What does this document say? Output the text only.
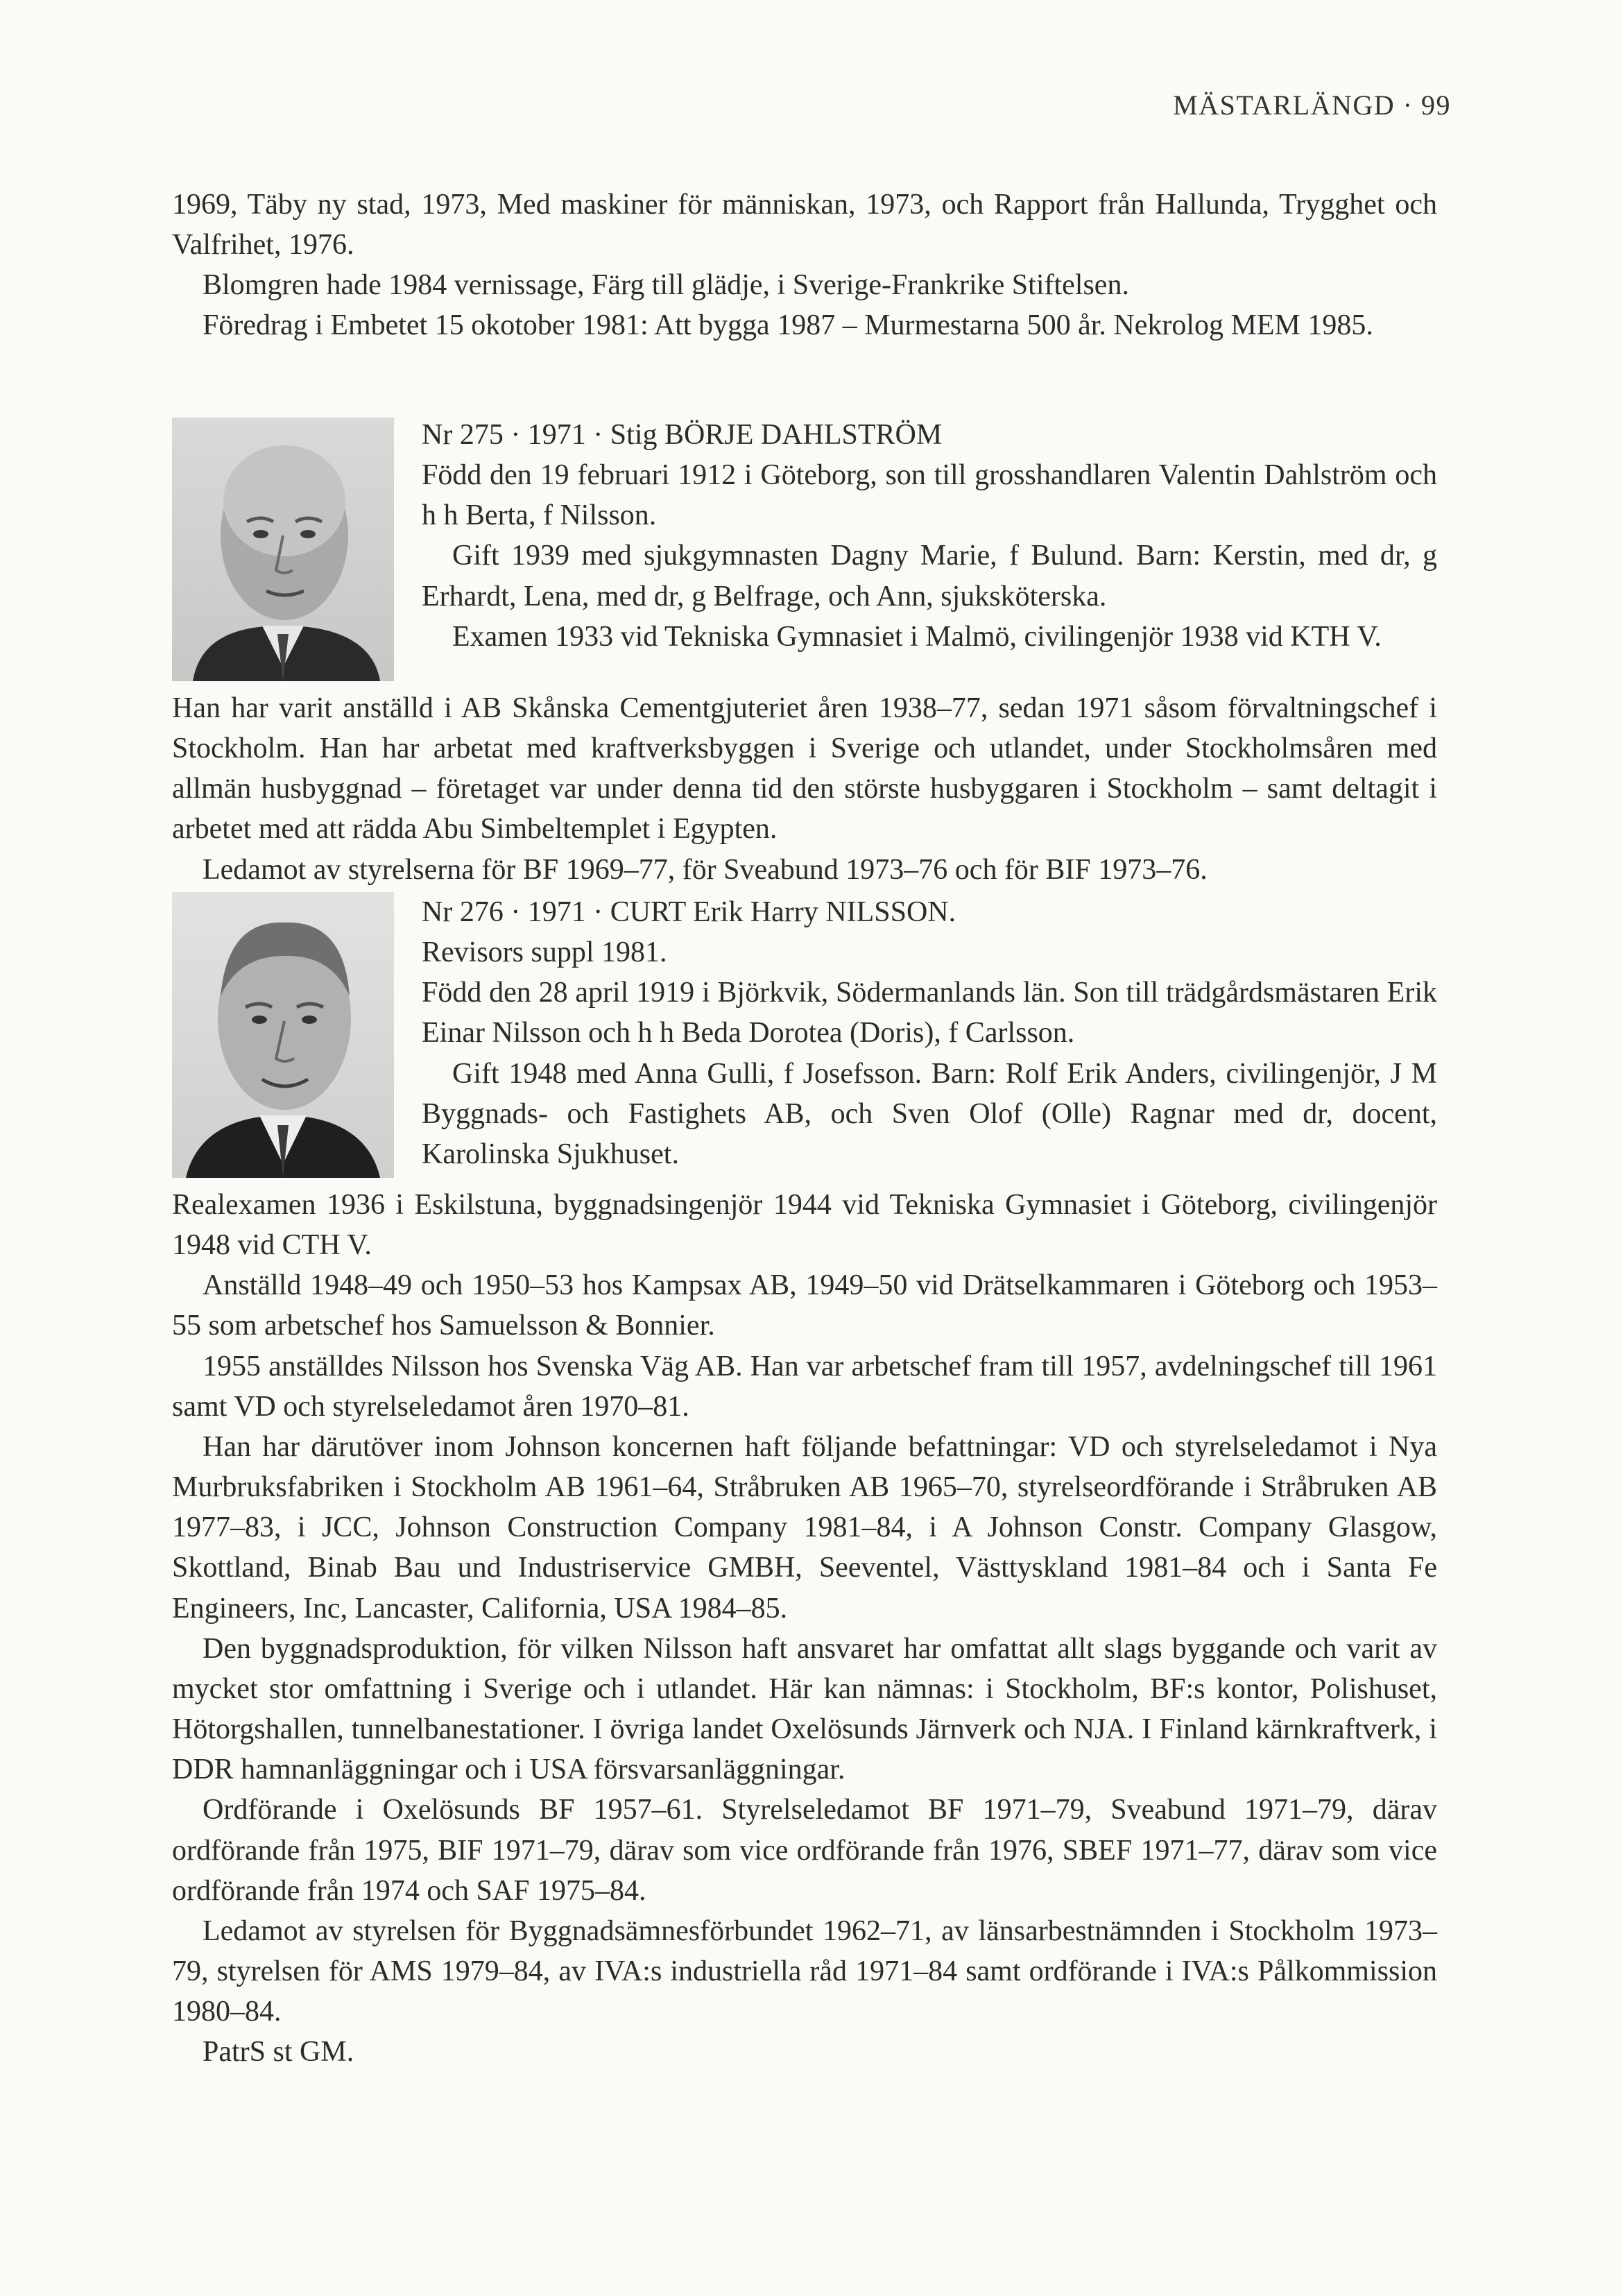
MÄSTARLÄNGD · 99

1969, Täby ny stad, 1973, Med maskiner för människan, 1973, och Rapport från Hallunda, Trygghet och Valfrihet, 1976.

Blomgren hade 1984 vernissage, Färg till glädje, i Sverige-Frankrike Stiftelsen.

Föredrag i Embetet 15 okotober 1981: Att bygga 1987 – Murmestarna 500 år. Nekrolog MEM 1985.

Nr 275 · 1971 · Stig BÖRJE DAHLSTRÖM

Född den 19 februari 1912 i Göteborg, son till grosshandlaren Valentin Dahlström och h h Berta, f Nilsson.

Gift 1939 med sjukgymnasten Dagny Marie, f Bulund. Barn: Kerstin, med dr, g Erhardt, Lena, med dr, g Belfrage, och Ann, sjuksköterska.

Examen 1933 vid Tekniska Gymnasiet i Malmö, civilingenjör 1938 vid KTH V.

Han har varit anställd i AB Skånska Cementgjuteriet åren 1938–77, sedan 1971 såsom förvaltningschef i Stockholm. Han har arbetat med kraftverksbyggen i Sverige och utlandet, under Stockholmsåren med allmän husbyggnad – företaget var under denna tid den störste husbyggaren i Stockholm – samt deltagit i arbetet med att rädda Abu Simbeltemplet i Egypten.

Ledamot av styrelserna för BF 1969–77, för Sveabund 1973–76 och för BIF 1973–76.

Nr 276 · 1971 · CURT Erik Harry NILSSON.

Revisors suppl 1981.

Född den 28 april 1919 i Björkvik, Södermanlands län. Son till trädgårdsmästaren Erik Einar Nilsson och h h Beda Dorotea (Doris), f Carlsson.

Gift 1948 med Anna Gulli, f Josefsson. Barn: Rolf Erik Anders, civilingenjör, J M Byggnads- och Fastighets AB, och Sven Olof (Olle) Ragnar med dr, docent, Karolinska Sjukhuset.

Realexamen 1936 i Eskilstuna, byggnadsingenjör 1944 vid Tekniska Gymnasiet i Göteborg, civilingenjör 1948 vid CTH V.

Anställd 1948–49 och 1950–53 hos Kampsax AB, 1949–50 vid Drätselkammaren i Göteborg och 1953–55 som arbetschef hos Samuelsson & Bonnier.

1955 anställdes Nilsson hos Svenska Väg AB. Han var arbetschef fram till 1957, avdelningschef till 1961 samt VD och styrelseledamot åren 1970–81.

Han har därutöver inom Johnson koncernen haft följande befattningar: VD och styrelseledamot i Nya Murbruksfabriken i Stockholm AB 1961–64, Stråbruken AB 1965–70, styrelseordförande i Stråbruken AB 1977–83, i JCC, Johnson Construction Company 1981–84, i A Johnson Constr. Company Glasgow, Skottland, Binab Bau und Industriservice GMBH, Seeventel, Västtyskland 1981–84 och i Santa Fe Engineers, Inc, Lancaster, California, USA 1984–85.

Den byggnadsproduktion, för vilken Nilsson haft ansvaret har omfattat allt slags byggande och varit av mycket stor omfattning i Sverige och i utlandet. Här kan nämnas: i Stockholm, BF:s kontor, Polishuset, Hötorgshallen, tunnelbanestationer. I övriga landet Oxelösunds Järnverk och NJA. I Finland kärnkraftverk, i DDR hamnanläggningar och i USA försvarsanläggningar.

Ordförande i Oxelösunds BF 1957–61. Styrelseledamot BF 1971–79, Sveabund 1971–79, därav ordförande från 1975, BIF 1971–79, därav som vice ordförande från 1976, SBEF 1971–77, därav som vice ordförande från 1974 och SAF 1975–84.

Ledamot av styrelsen för Byggnadsämnesförbundet 1962–71, av länsarbestnämnden i Stockholm 1973–79, styrelsen för AMS 1979–84, av IVA:s industriella råd 1971–84 samt ordförande i IVA:s Pålkommission 1980–84.

PatrS st GM.
